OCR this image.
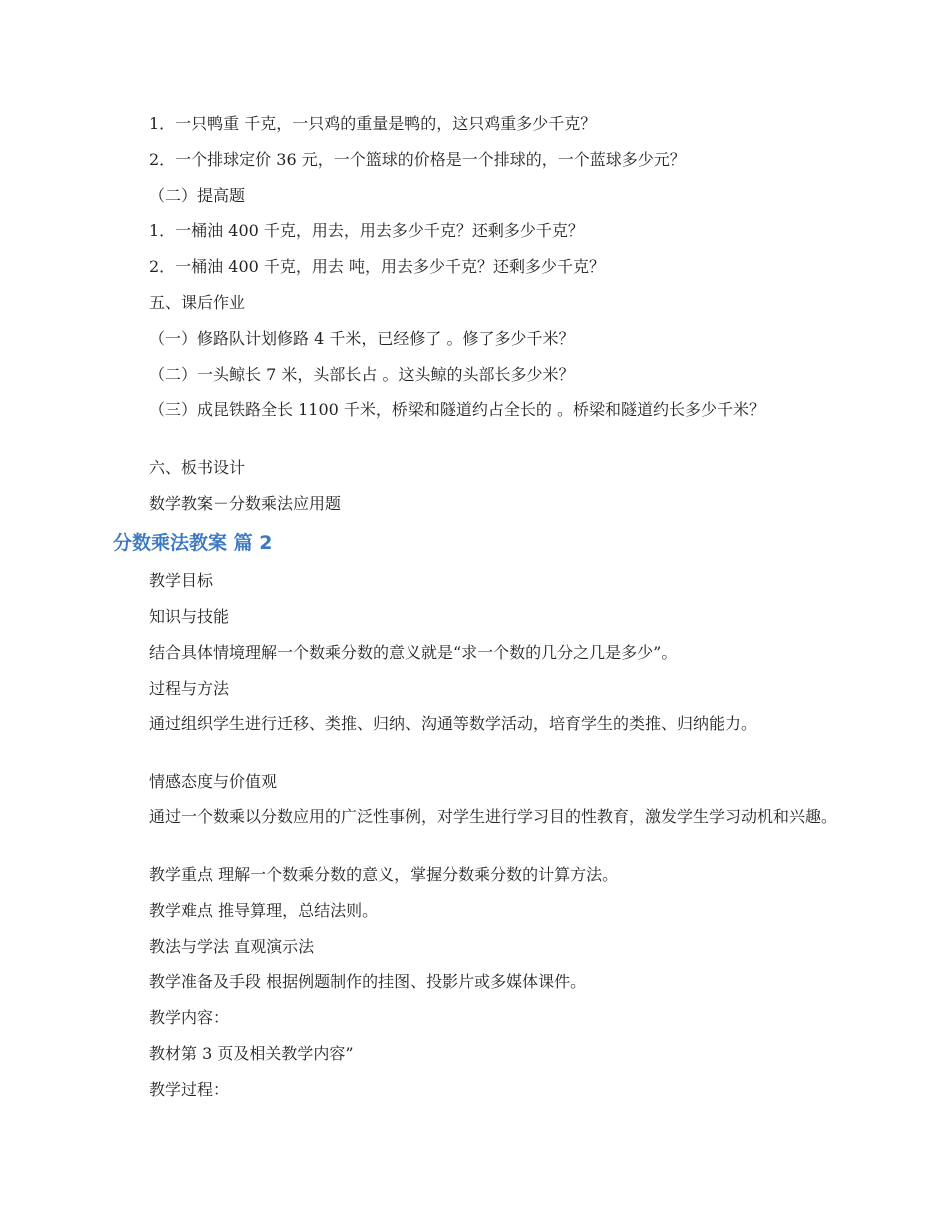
1．一只鸭重 千克，一只鸡的重量是鸭的，这只鸡重多少千克？

2．一个排球定价 36 元，一个篮球的价格是一个排球的，一个蓝球多少元？

（二）提高题

1．一桶油 400 千克，用去，用去多少千克？还剩多少千克？

2．一桶油 400 千克，用去 吨，用去多少千克？还剩多少千克？

五、课后作业

（一）修路队计划修路 4 千米，已经修了 。修了多少千米？

（二）一头鲸长 7 米，头部长占 。这头鲸的头部长多少米？

（三）成昆铁路全长 1100 千米，桥梁和隧道约占全长的 。桥梁和隧道约长多少千米？

六、板书设计

数学教案－分数乘法应用题

分数乘法教案 篇 2

教学目标

知识与技能

结合具体情境理解一个数乘分数的意义就是“求一个数的几分之几是多少”。

过程与方法

通过组织学生进行迁移、类推、归纳、沟通等数学活动，培育学生的类推、归纳能力。

情感态度与价值观

通过一个数乘以分数应用的广泛性事例，对学生进行学习目的性教育，激发学生学习动机和兴趣。

教学重点 理解一个数乘分数的意义，掌握分数乘分数的计算方法。

教学难点 推导算理，总结法则。

教法与学法 直观演示法

教学准备及手段 根据例题制作的挂图、投影片或多媒体课件。

教学内容：

教材第 3 页及相关教学内容”

教学过程：
